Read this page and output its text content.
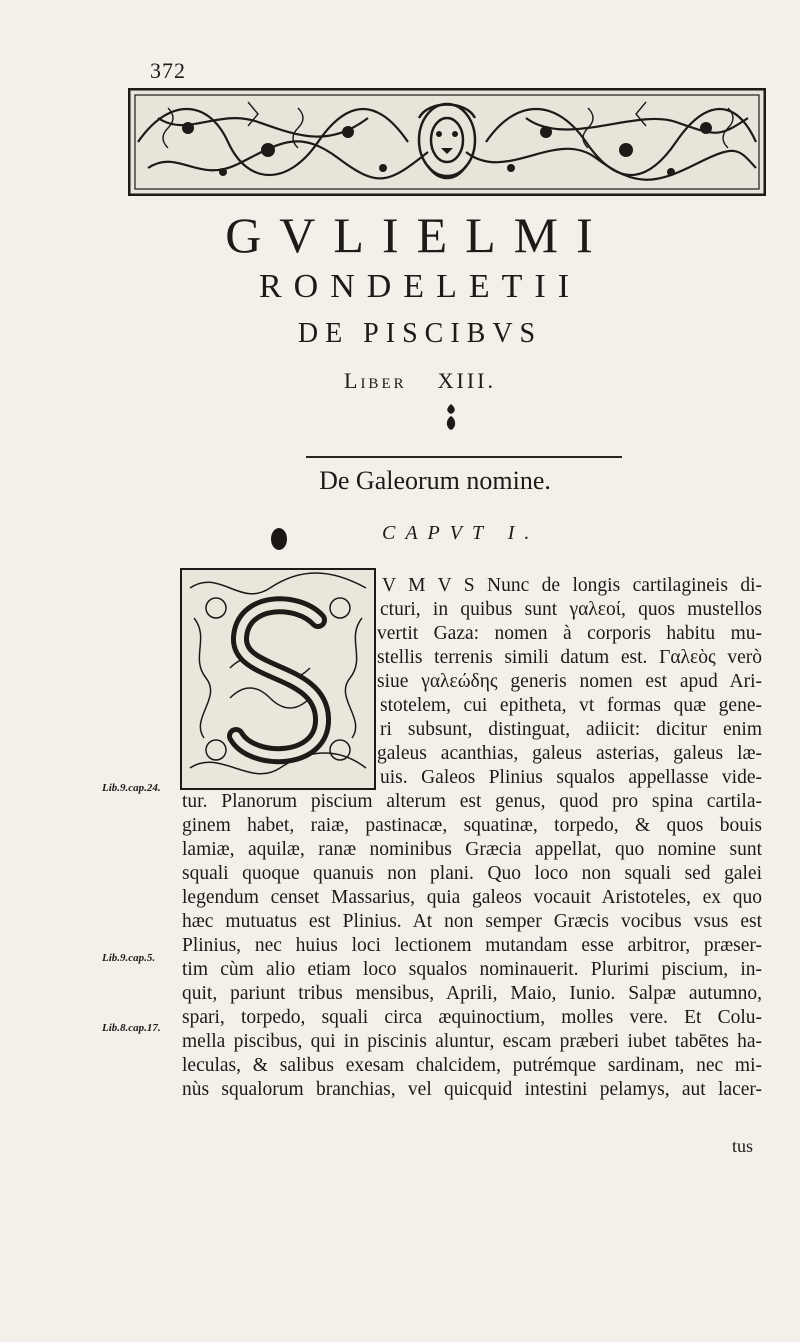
372
GVLIELMI
RONDELETII
DE PISCIBVS
Liber XIII.
De Galeorum nomine.
CAPVT I.
Lib.9.cap.24.
Lib.9.cap.5.
Lib.8.cap.17.
V M V S Nunc de longis cartilagineis di-
cturi, in quibus sunt γαλεοί, quos mustellos
vertit Gaza: nomen à corporis habitu mu-
stellis terrenis simili datum est. Γαλεὸς verò
siue γαλεώδης generis nomen est apud Ari-
stotelem, cui epitheta, vt formas quæ gene-
ri subsunt, distinguat, adiicit: dicitur enim
galeus acanthias, galeus asterias, galeus læ-
uis. Galeos Plinius squalos appellasse vide-
tur. Planorum piscium alterum est genus, quod pro spina cartila-
ginem habet, raiæ, pastinacæ, squatinæ, torpedo, & quos bouis
lamiæ, aquilæ, ranæ nominibus Græcia appellat, quo nomine sunt
squali quoque quanuis non plani. Quo loco non squali sed galei
legendum censet Massarius, quia galeos vocauit Aristoteles, ex quo
hæc mutuatus est Plinius. At non semper Græcis vocibus vsus est
Plinius, nec huius loci lectionem mutandam esse arbitror, præser-
tim cùm alio etiam loco squalos nominauerit. Plurimi piscium, in-
quit, pariunt tribus mensibus, Aprili, Maio, Iunio. Salpæ autumno,
spari, torpedo, squali circa æquinoctium, molles vere. Et Colu-
mella piscibus, qui in piscinis aluntur, escam præberi iubet tabētes ha-
leculas, & salibus exesam chalcidem, putrémque sardinam, nec mi-
nùs squalorum branchias, vel quicquid intestini pelamys, aut lacer-
tus
